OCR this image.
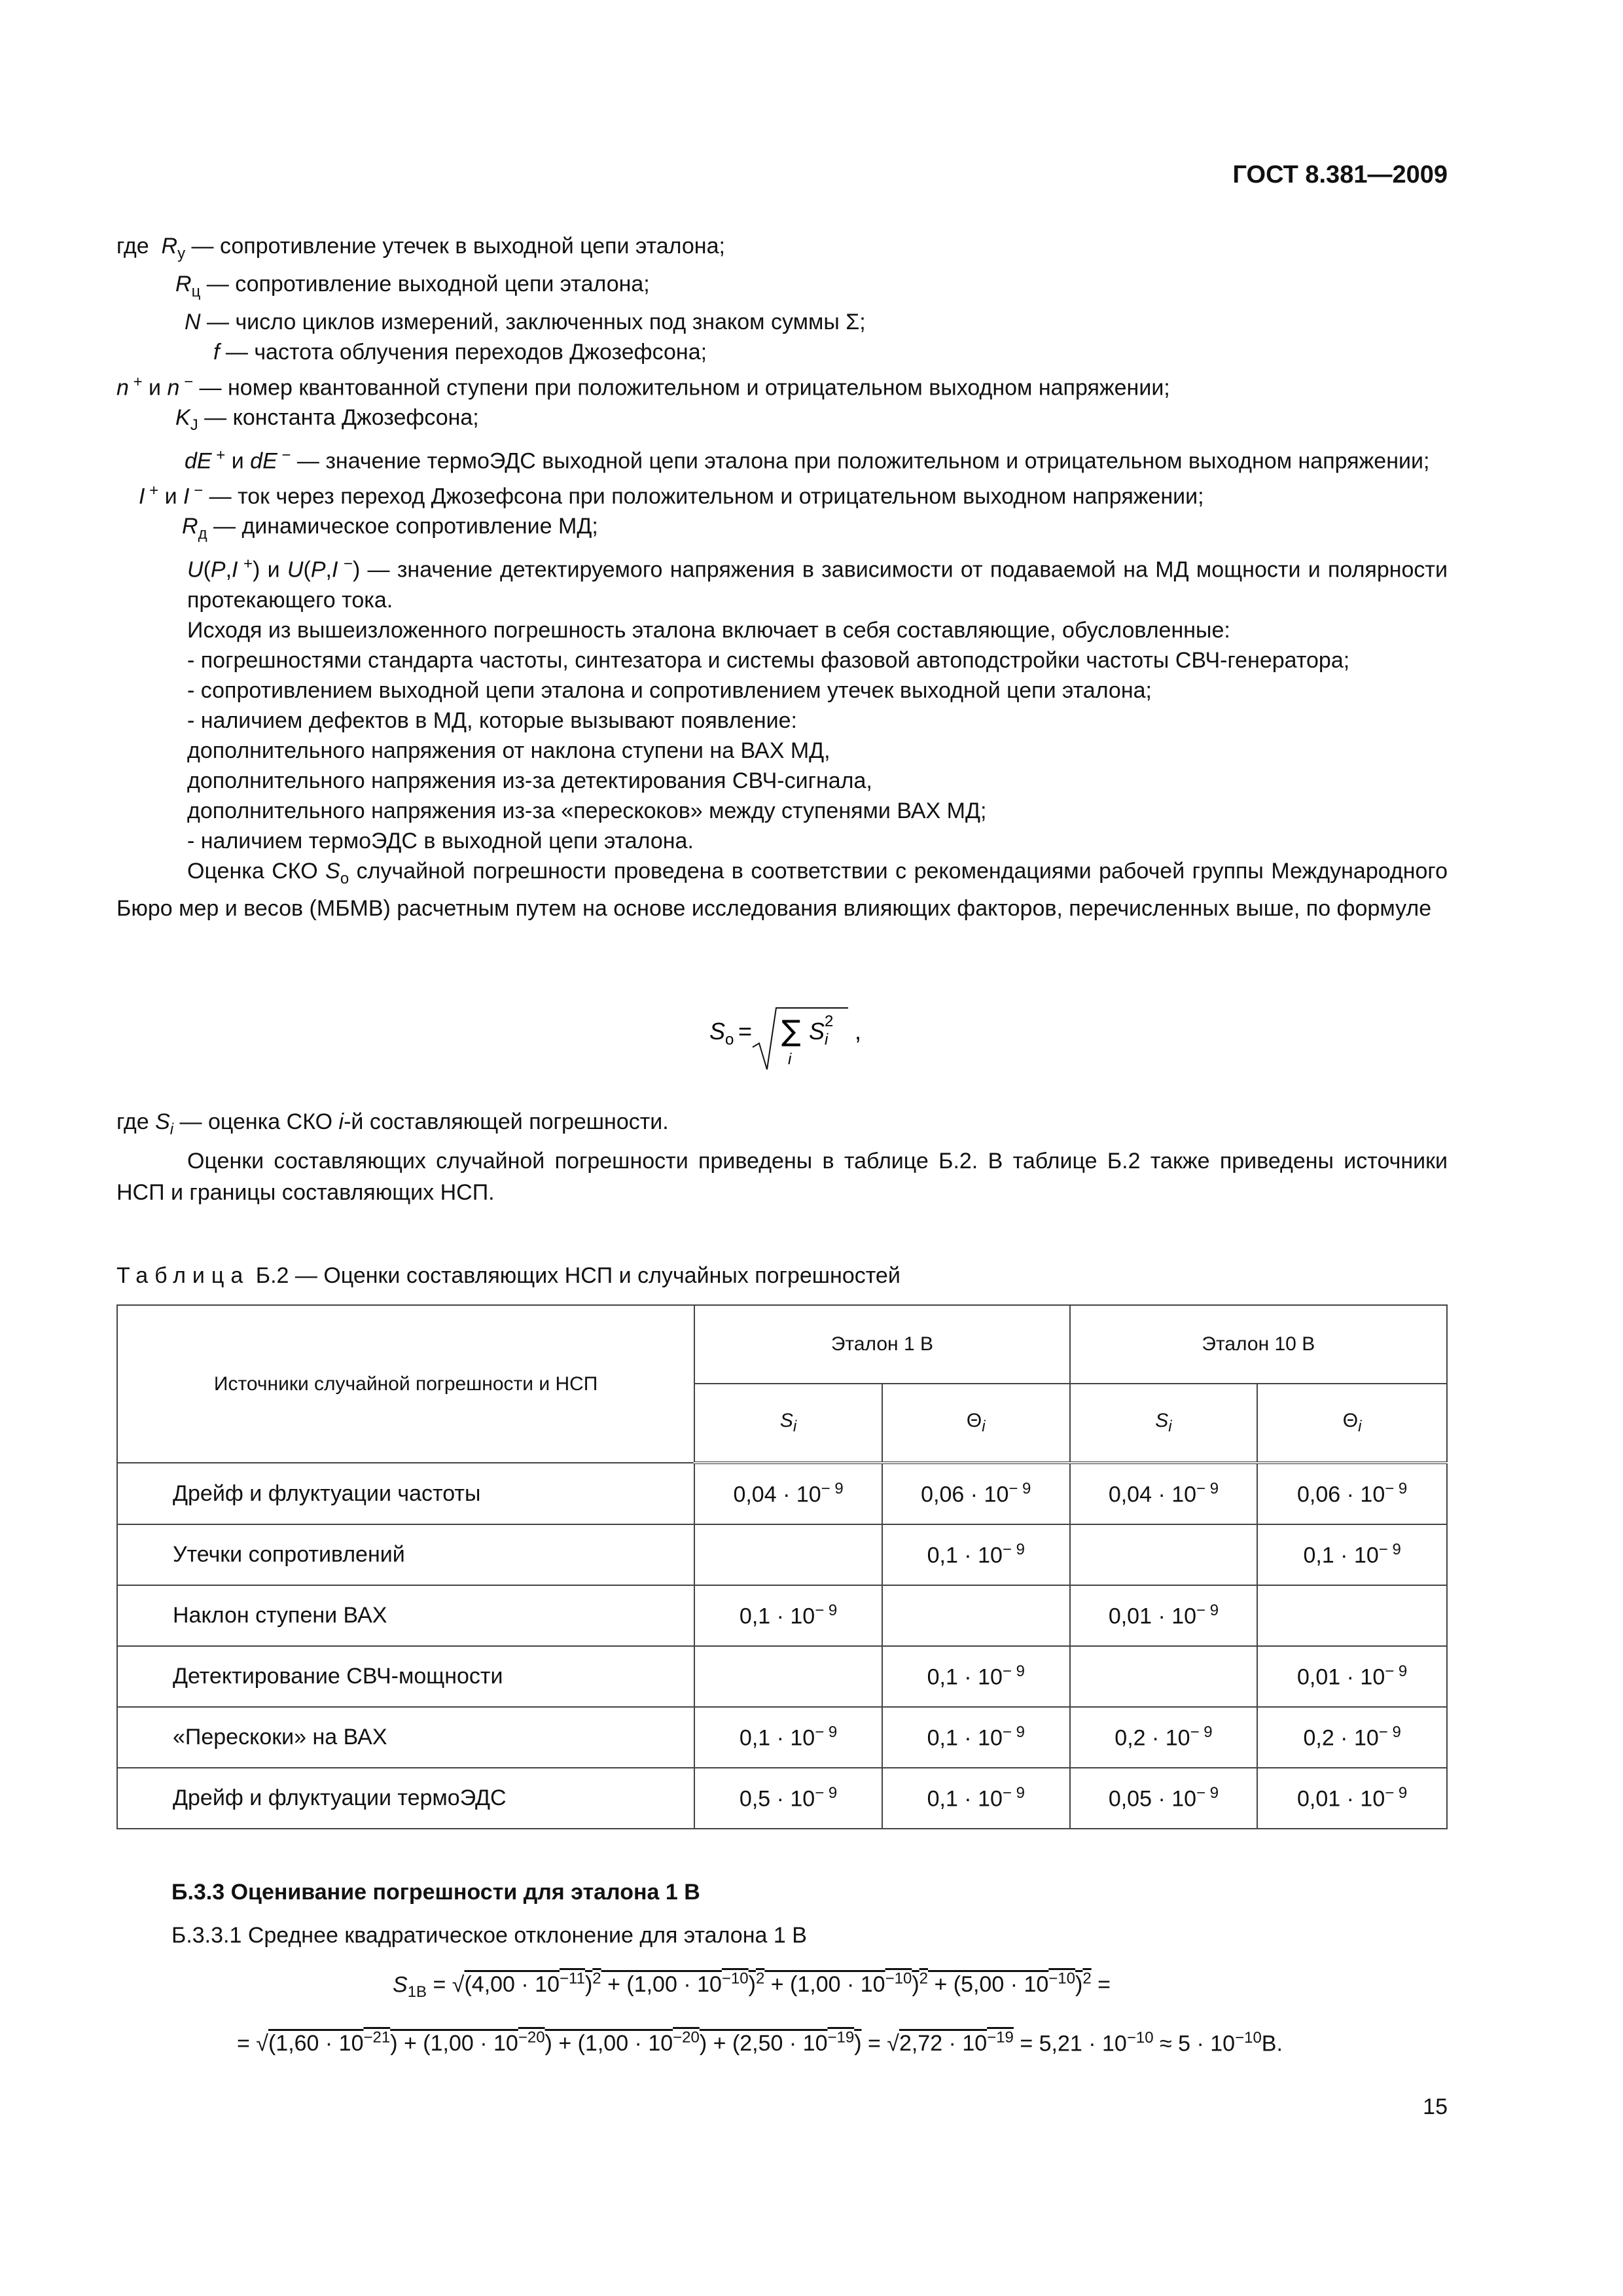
ГОСТ 8.381—2009
где  $R_у$ — сопротивление утечек в выходной цепи эталона;
$R_ц$ — сопротивление выходной цепи эталона;
N — число циклов измерений, заключенных под знаком суммы Σ;
f — частота облучения переходов Джозефсона;
n + и n − — номер квантованной ступени при положительном и отрицательном выходном напряжении;
$K_J$ — константа Джозефсона;
dE + и dE − — значение термоЭДС выходной цепи эталона при положительном и отрицательном выходном напряжении;
I + и I − — ток через переход Джозефсона при положительном и отрицательном выходном напряжении;
$R_д$ — динамическое сопротивление МД;
U(P,I +) и U(P,I −) — значение детектируемого напряжения в зависимости от подаваемой на МД мощности и полярности протекающего тока.
Исходя из вышеизложенного погрешность эталона включает в себя составляющие, обусловленные:
- погрешностями стандарта частоты, синтезатора и системы фазовой автоподстройки частоты СВЧ-генератора;
- сопротивлением выходной цепи эталона и сопротивлением утечек выходной цепи эталона;
- наличием дефектов в МД, которые вызывают появление:
дополнительного напряжения от наклона ступени на ВАХ МД,
дополнительного напряжения из-за детектирования СВЧ-сигнала,
дополнительного напряжения из-за «перескоков» между ступенями ВАХ МД;
- наличием термоЭДС в выходной цепи эталона.
Оценка СКО $S_о$ случайной погрешности проведена в соответствии с рекомендациями рабочей группы Международного Бюро мер и весов (МБМВ) расчетным путем на основе исследования влияющих факторов, перечисленных выше, по формуле
S о = ∑
i
S i
2 ,
где $S_i$ — оценка СКО i-й составляющей погрешности.
Оценки составляющих случайной погрешности приведены в таблице Б.2. В таблице Б.2 также приведены источники НСП и границы составляющих НСП.
Таблица Б.2 — Оценки составляющих НСП и случайных погрешностей
Источники случайной погрешности и НСП	Эталон 1 В		Эталон 10 В	
	$S_i$	$\Theta_i$	$S_i$	$\Theta_i$
Дрейф и флуктуации частоты	$0,04 \cdot 10^{- 9}$	$0,06 \cdot 10^{- 9}$	$0,04 \cdot 10^{- 9}$	$0,06 \cdot 10^{- 9}$
Утечки сопротивлений		$0,1 \cdot 10^{- 9}$		$0,1 \cdot 10^{- 9}$
Наклон ступени ВАХ	$0,1 \cdot 10^{- 9}$		$0,01 \cdot 10^{- 9}$	
Детектирование СВЧ-мощности		$0,1 \cdot 10^{- 9}$		$0,01 \cdot 10^{- 9}$
«Перескоки» на ВАХ	$0,1 \cdot 10^{- 9}$	$0,1 \cdot 10^{- 9}$	$0,2 \cdot 10^{- 9}$	$0,2 \cdot 10^{- 9}$
Дрейф и флуктуации термоЭДС	$0,5 \cdot 10^{- 9}$	$0,1 \cdot 10^{- 9}$	$0,05 \cdot 10^{- 9}$	$0,01 \cdot 10^{- 9}$
Б.3.3 Оценивание погрешности для эталона 1 В
Б.3.3.1 Среднее квадратическое отклонение для эталона 1 В
$S_{1В} = √(4,00 \cdot 10^{-11})^2 + (1,00 \cdot 10^{-10})^2 + (1,00 \cdot 10^{-10})^2 + (5,00 \cdot 10^{-10})^2$ =
= $√(1,60 \cdot 10^{-21}) + (1,00 \cdot 10^{-20}) + (1,00 \cdot 10^{-20}) + (2,50 \cdot 10^{-19}) = √2,72 \cdot 10^{-19} = 5,21 \cdot 10^{-10} \approx 5 \cdot 10^{-10}В$.
15
